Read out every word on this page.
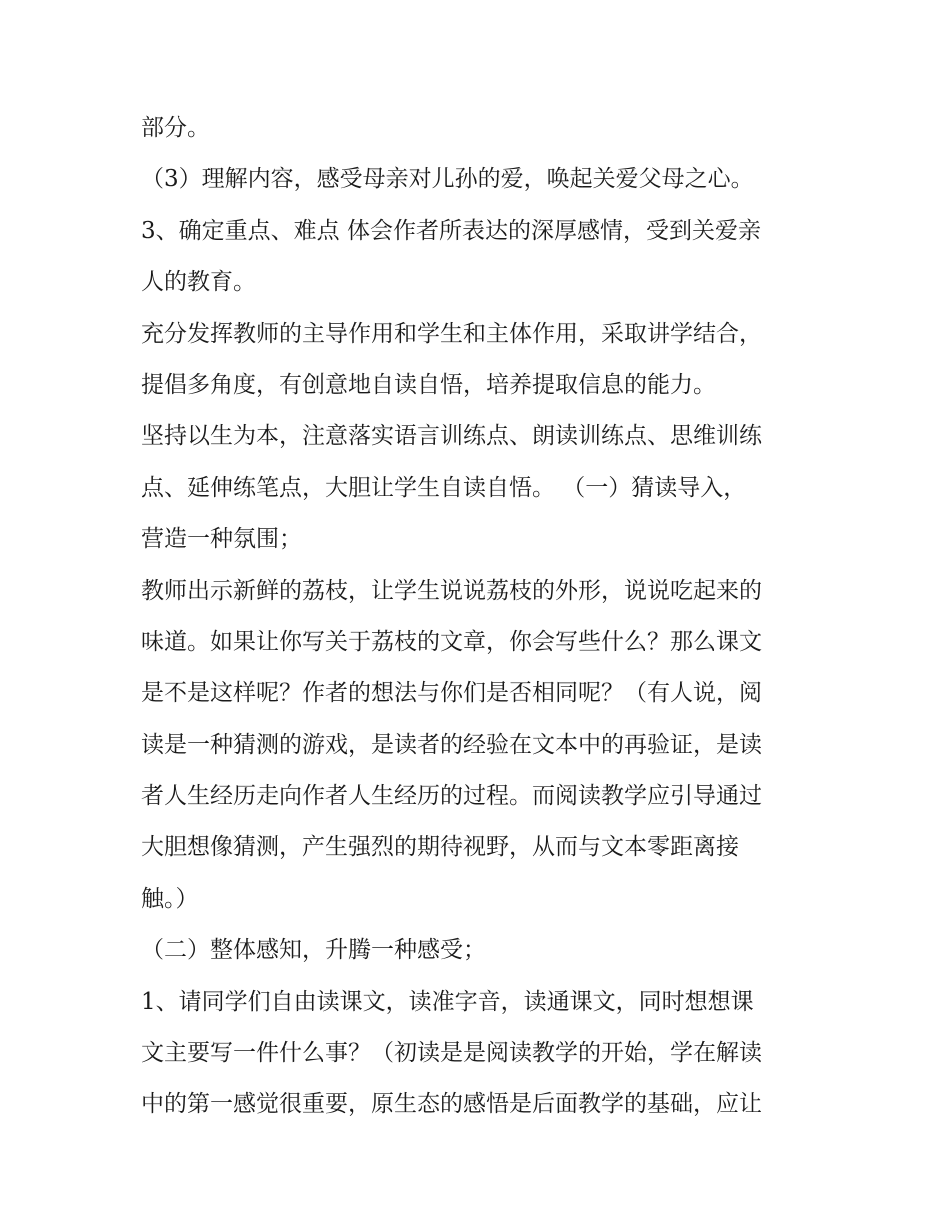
部分。
（3）理解内容，感受母亲对儿孙的爱，唤起关爱父母之心。
3、确定重点、难点 体会作者所表达的深厚感情，受到关爱亲
人的教育。
充分发挥教师的主导作用和学生和主体作用，采取讲学结合，
提倡多角度，有创意地自读自悟，培养提取信息的能力。
坚持以生为本，注意落实语言训练点、朗读训练点、思维训练
点、延伸练笔点，大胆让学生自读自悟。 （一）猜读导入，
营造一种氛围；
教师出示新鲜的荔枝，让学生说说荔枝的外形，说说吃起来的
味道。如果让你写关于荔枝的文章，你会写些什么？那么课文
是不是这样呢？作者的想法与你们是否相同呢？（有人说，阅
读是一种猜测的游戏，是读者的经验在文本中的再验证，是读
者人生经历走向作者人生经历的过程。而阅读教学应引导通过
大胆想像猜测，产生强烈的期待视野，从而与文本零距离接
触。）
（二）整体感知，升腾一种感受；
1、请同学们自由读课文，读准字音，读通课文，同时想想课
文主要写一件什么事？（初读是是阅读教学的开始，学在解读
中的第一感觉很重要，原生态的感悟是后面教学的基础，应让
